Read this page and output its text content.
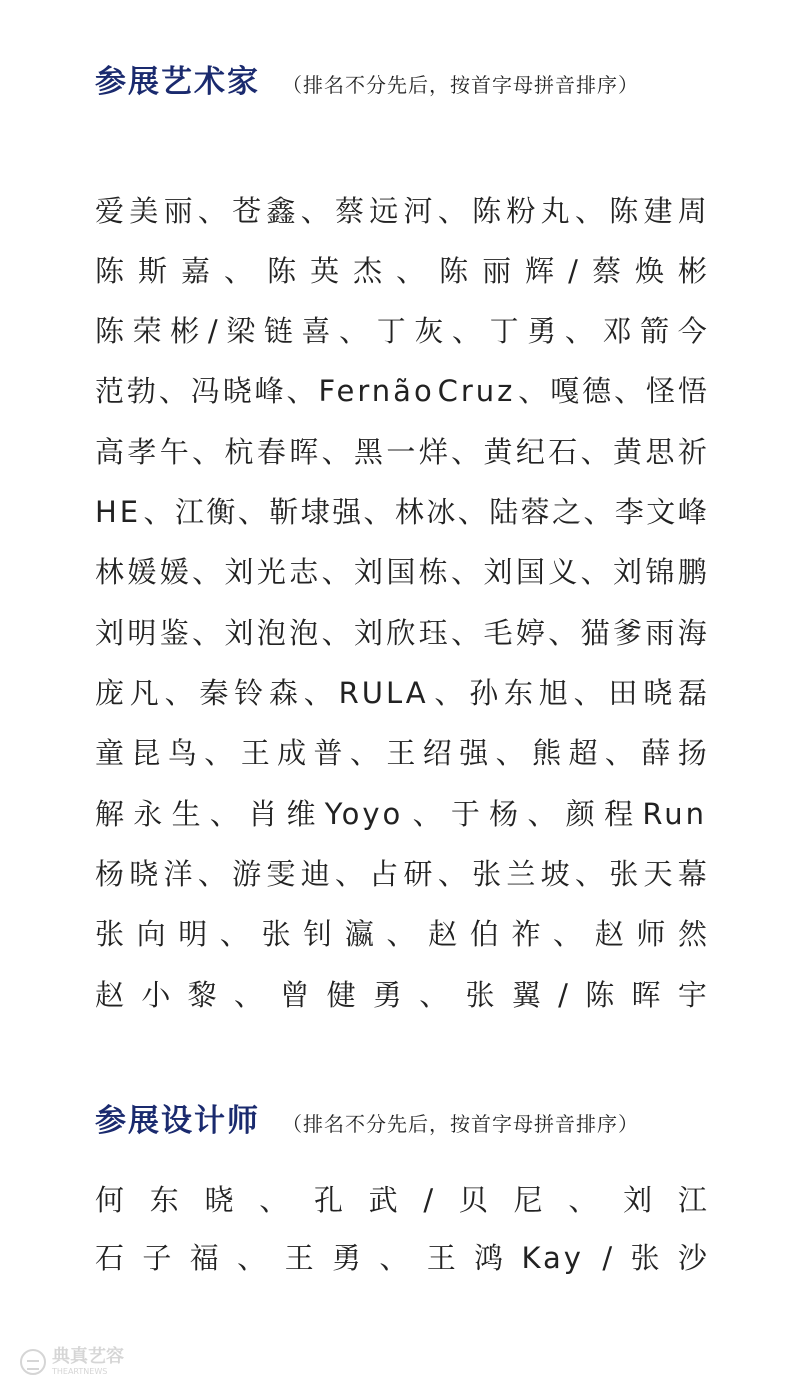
参展艺术家 （排名不分先后，按首字母拼音排序）
爱 美 丽 、 苍 鑫 、 蔡 远 河 、 陈 粉 丸 、 陈 建 周
陈 斯 嘉 、 陈 英 杰 、 陈 丽 辉 / 蔡 焕 彬
陈 荣 彬 / 梁 链 喜 、 丁 灰 、 丁 勇 、 邓 箭 今
范 勃 、 冯 晓 峰 、 Fernão Cruz 、 嘎 德 、 怪 悟
高 孝 午 、 杭 春 晖 、 黑 一 烊 、 黄 纪 石 、 黄 思 祈
HE 、 江 衡 、 靳 埭 强 、 林 冰 、 陆 蓉 之 、 李 文 峰
林 媛 媛 、 刘 光 志 、 刘 国 栋 、 刘 国 义 、 刘 锦 鹏
刘 明 鉴 、 刘 泡 泡 、 刘 欣 珏 、 毛 婷 、 猫 爹 雨 海
庞 凡 、 秦 铃 森 、 RULA 、 孙 东 旭 、 田 晓 磊
童 昆 鸟 、 王 成 普 、 王 绍 强 、 熊 超 、 薛 扬
解 永 生 、 肖 维 Yoyo 、 于 杨 、 颜 程 Run
杨 晓 洋 、 游 雯 迪 、 占 研 、 张 兰 坡 、 张 天 幕
张 向 明 、 张 钊 瀛 、 赵 伯 祚 、 赵 师 然
赵 小 黎 、 曾 健 勇 、 张 翼 / 陈 晖 宇
参展设计师 （排名不分先后，按首字母拼音排序）
何 东 晓 、 孔 武 / 贝 尼 、 刘 江
石 子 福 、 王 勇 、 王 鸿 Kay / 张 沙
典真艺容
THEARTNEWS
